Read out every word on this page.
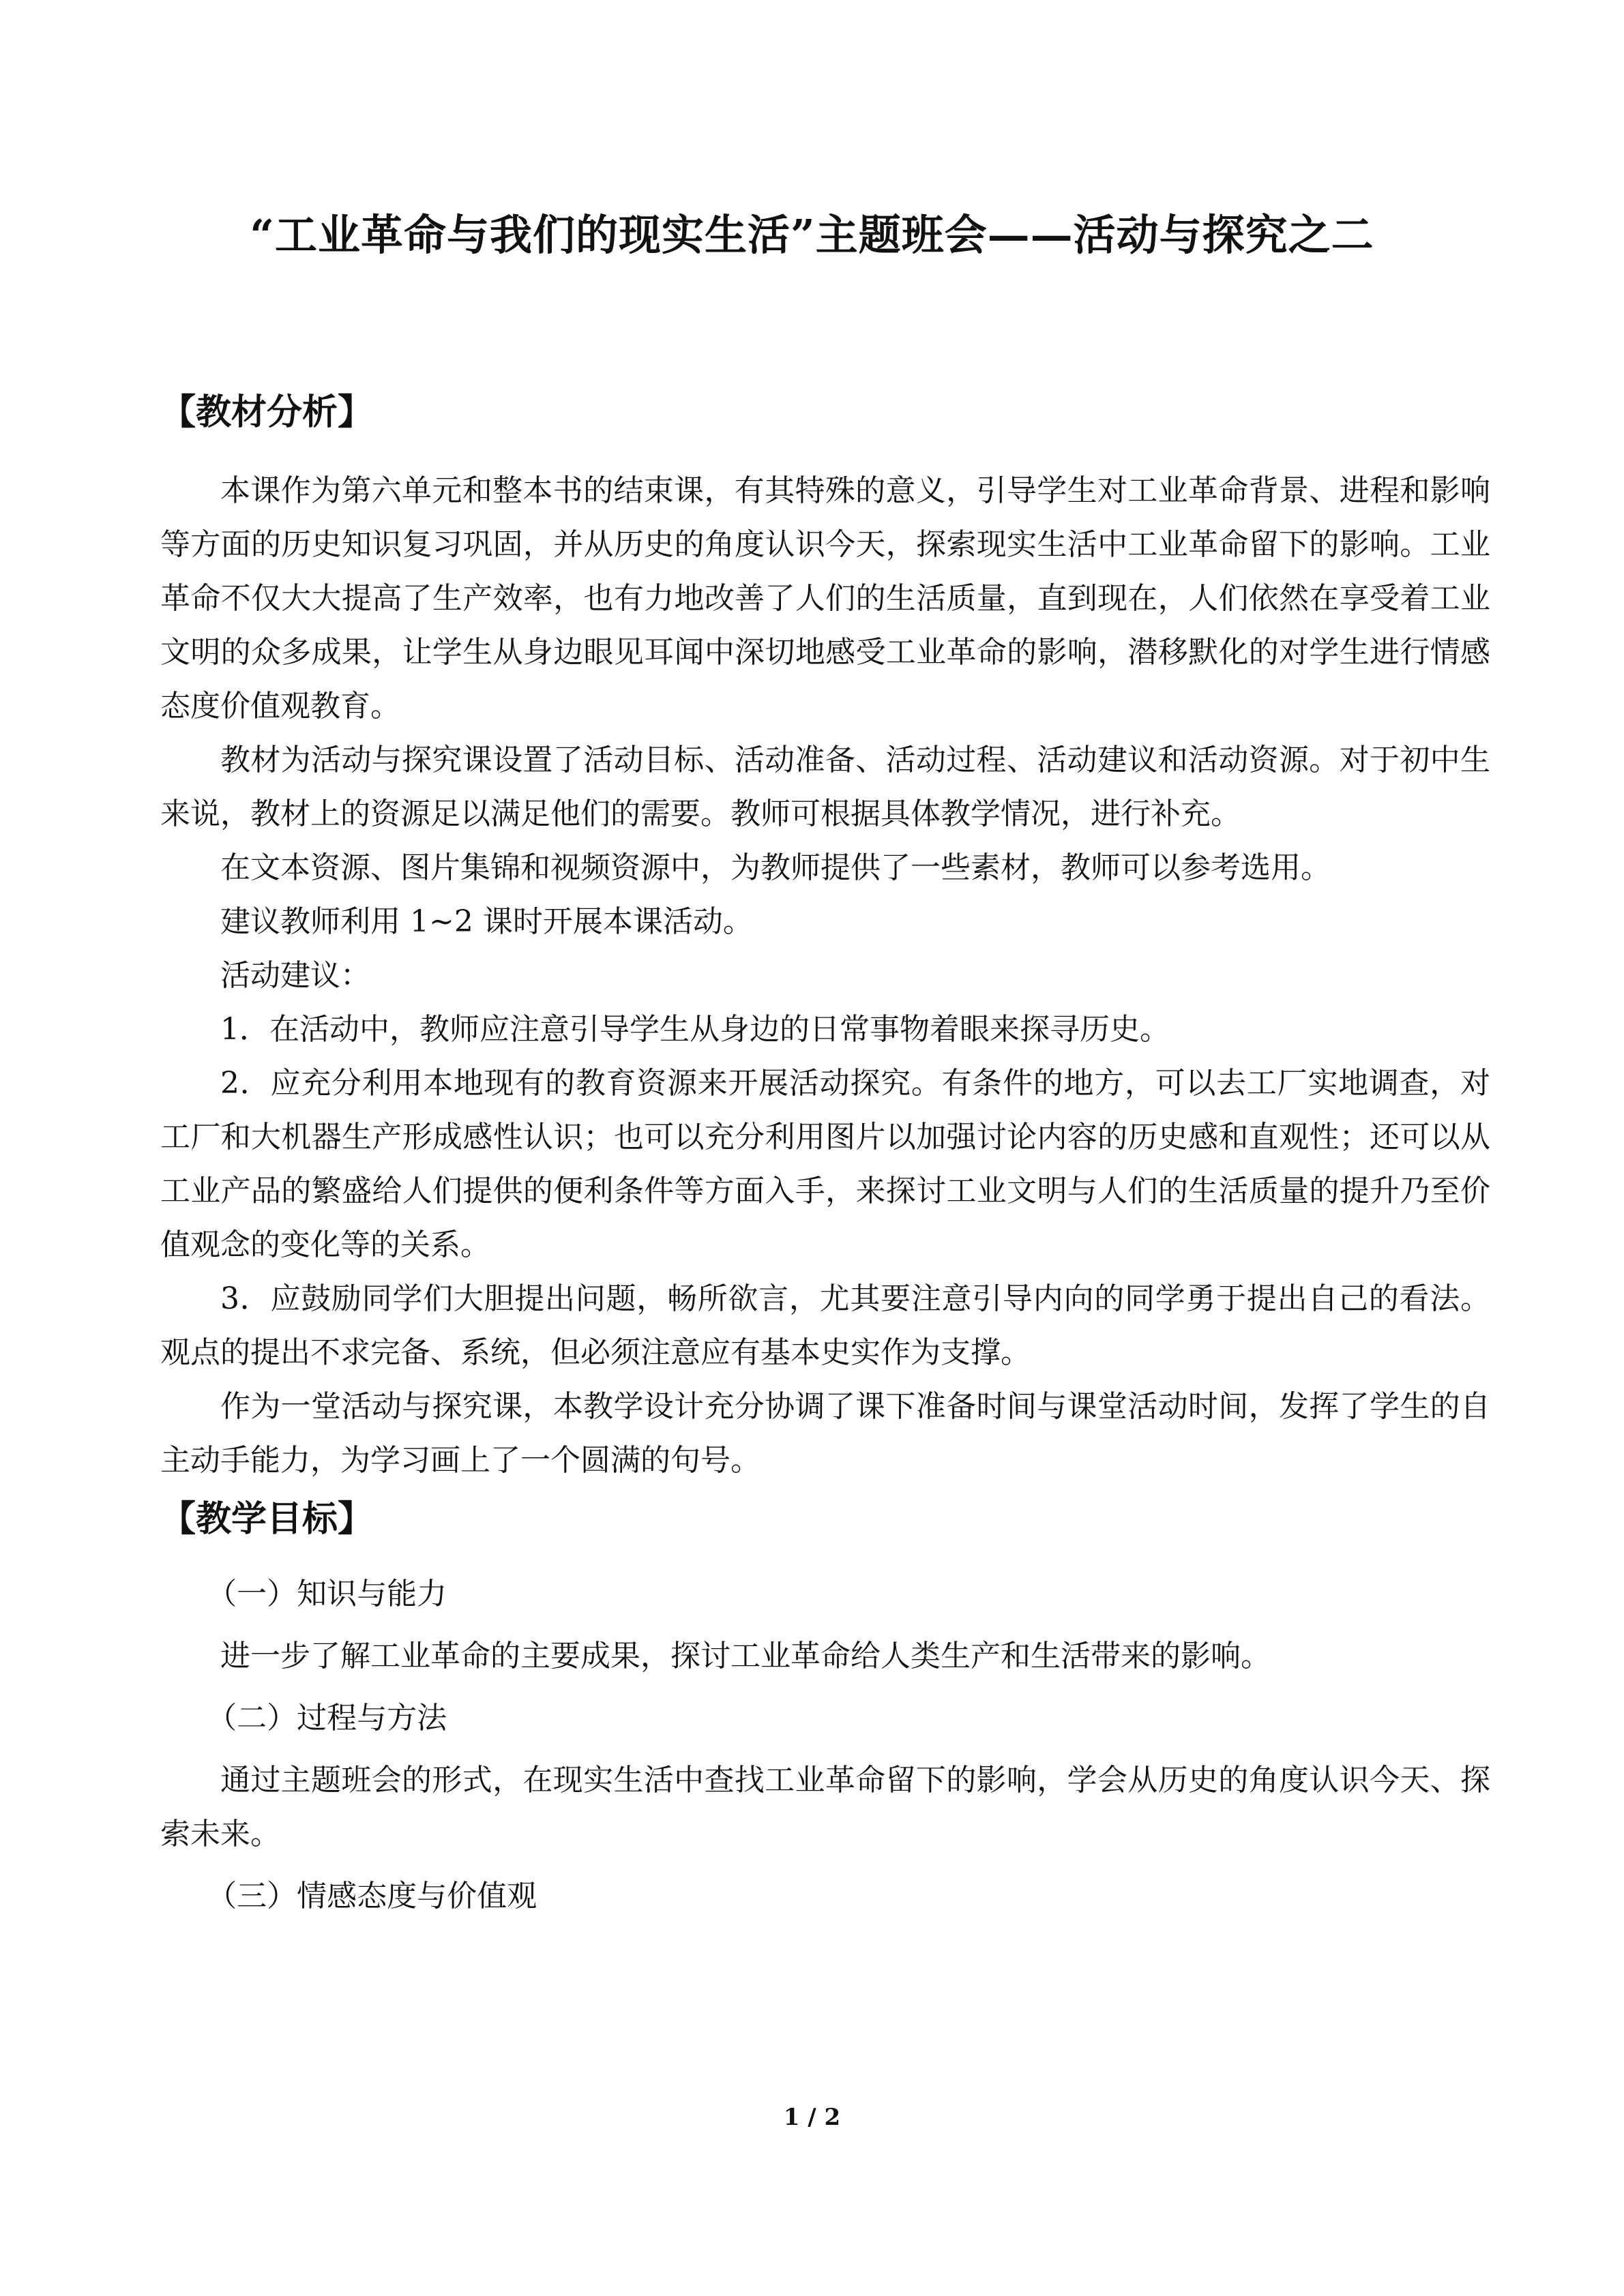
“工业革命与我们的现实生活”主题班会——活动与探究之二
【教材分析】
本课作为第六单元和整本书的结束课，有其特殊的意义，引导学生对工业革命背景、进程和影响等方面的历史知识复习巩固，并从历史的角度认识今天，探索现实生活中工业革命留下的影响。工业革命不仅大大提高了生产效率，也有力地改善了人们的生活质量，直到现在，人们依然在享受着工业文明的众多成果，让学生从身边眼见耳闻中深切地感受工业革命的影响，潜移默化的对学生进行情感态度价值观教育。
教材为活动与探究课设置了活动目标、活动准备、活动过程、活动建议和活动资源。对于初中生来说，教材上的资源足以满足他们的需要。教师可根据具体教学情况，进行补充。
在文本资源、图片集锦和视频资源中，为教师提供了一些素材，教师可以参考选用。
建议教师利用 1~2 课时开展本课活动。
活动建议：
1．在活动中，教师应注意引导学生从身边的日常事物着眼来探寻历史。
2．应充分利用本地现有的教育资源来开展活动探究。有条件的地方，可以去工厂实地调查，对工厂和大机器生产形成感性认识；也可以充分利用图片以加强讨论内容的历史感和直观性；还可以从工业产品的繁盛给人们提供的便利条件等方面入手，来探讨工业文明与人们的生活质量的提升乃至价值观念的变化等的关系。
3．应鼓励同学们大胆提出问题，畅所欲言，尤其要注意引导内向的同学勇于提出自己的看法。观点的提出不求完备、系统，但必须注意应有基本史实作为支撑。
作为一堂活动与探究课，本教学设计充分协调了课下准备时间与课堂活动时间，发挥了学生的自主动手能力，为学习画上了一个圆满的句号。
【教学目标】
（一）知识与能力
进一步了解工业革命的主要成果，探讨工业革命给人类生产和生活带来的影响。
（二）过程与方法
通过主题班会的形式，在现实生活中查找工业革命留下的影响，学会从历史的角度认识今天、探索未来。
（三）情感态度与价值观
1 / 2
